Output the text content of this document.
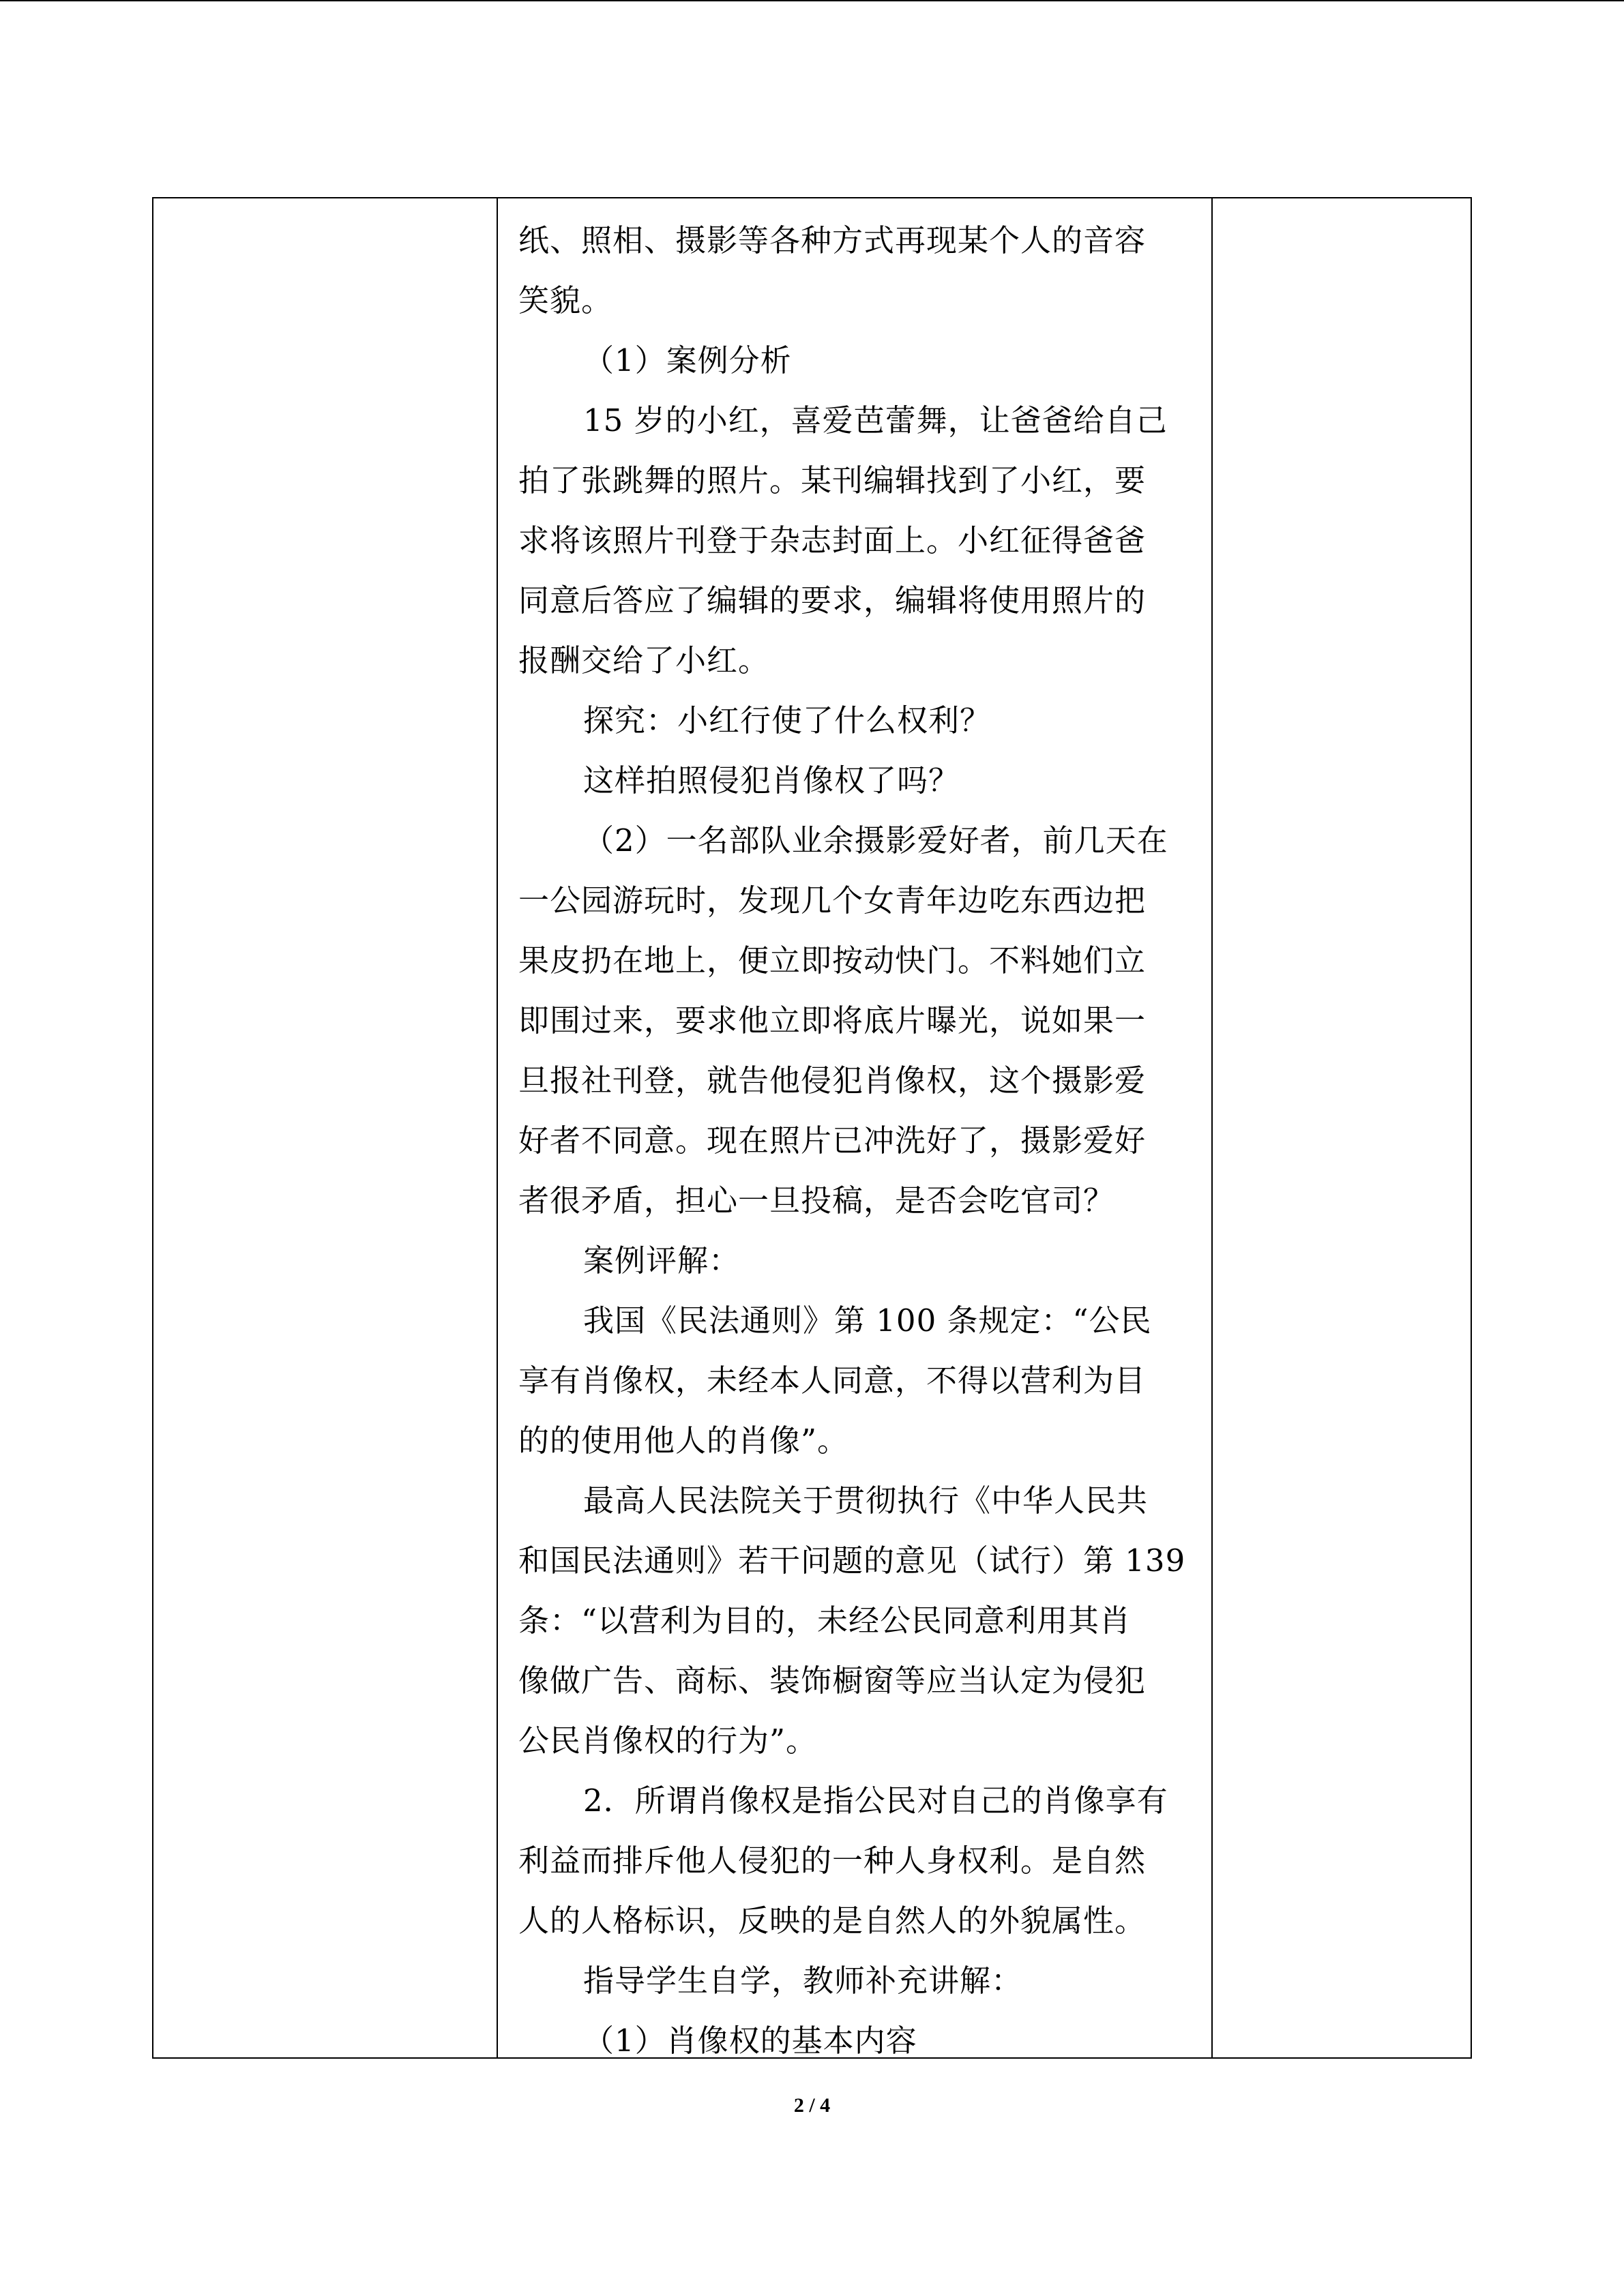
纸、照相、摄影等各种方式再现某个人的音容
笑貌。
（1）案例分析
15 岁的小红，喜爱芭蕾舞，让爸爸给自己
拍了张跳舞的照片。某刊编辑找到了小红，要
求将该照片刊登于杂志封面上。小红征得爸爸
同意后答应了编辑的要求，编辑将使用照片的
报酬交给了小红。
探究：小红行使了什么权利？
这样拍照侵犯肖像权了吗？
（2）一名部队业余摄影爱好者，前几天在
一公园游玩时，发现几个女青年边吃东西边把
果皮扔在地上，便立即按动快门。不料她们立
即围过来，要求他立即将底片曝光，说如果一
旦报社刊登，就告他侵犯肖像权，这个摄影爱
好者不同意。现在照片已冲洗好了，摄影爱好
者很矛盾，担心一旦投稿，是否会吃官司？
案例评解：
我国《民法通则》第 100 条规定：“公民
享有肖像权，未经本人同意，不得以营利为目
的的使用他人的肖像”。
最高人民法院关于贯彻执行《中华人民共
和国民法通则》若干问题的意见（试行）第 139
条：“以营利为目的，未经公民同意利用其肖
像做广告、商标、装饰橱窗等应当认定为侵犯
公民肖像权的行为”。
2．所谓肖像权是指公民对自己的肖像享有
利益而排斥他人侵犯的一种人身权利。是自然
人的人格标识，反映的是自然人的外貌属性。
指导学生自学，教师补充讲解：
（1）肖像权的基本内容
2 / 4
